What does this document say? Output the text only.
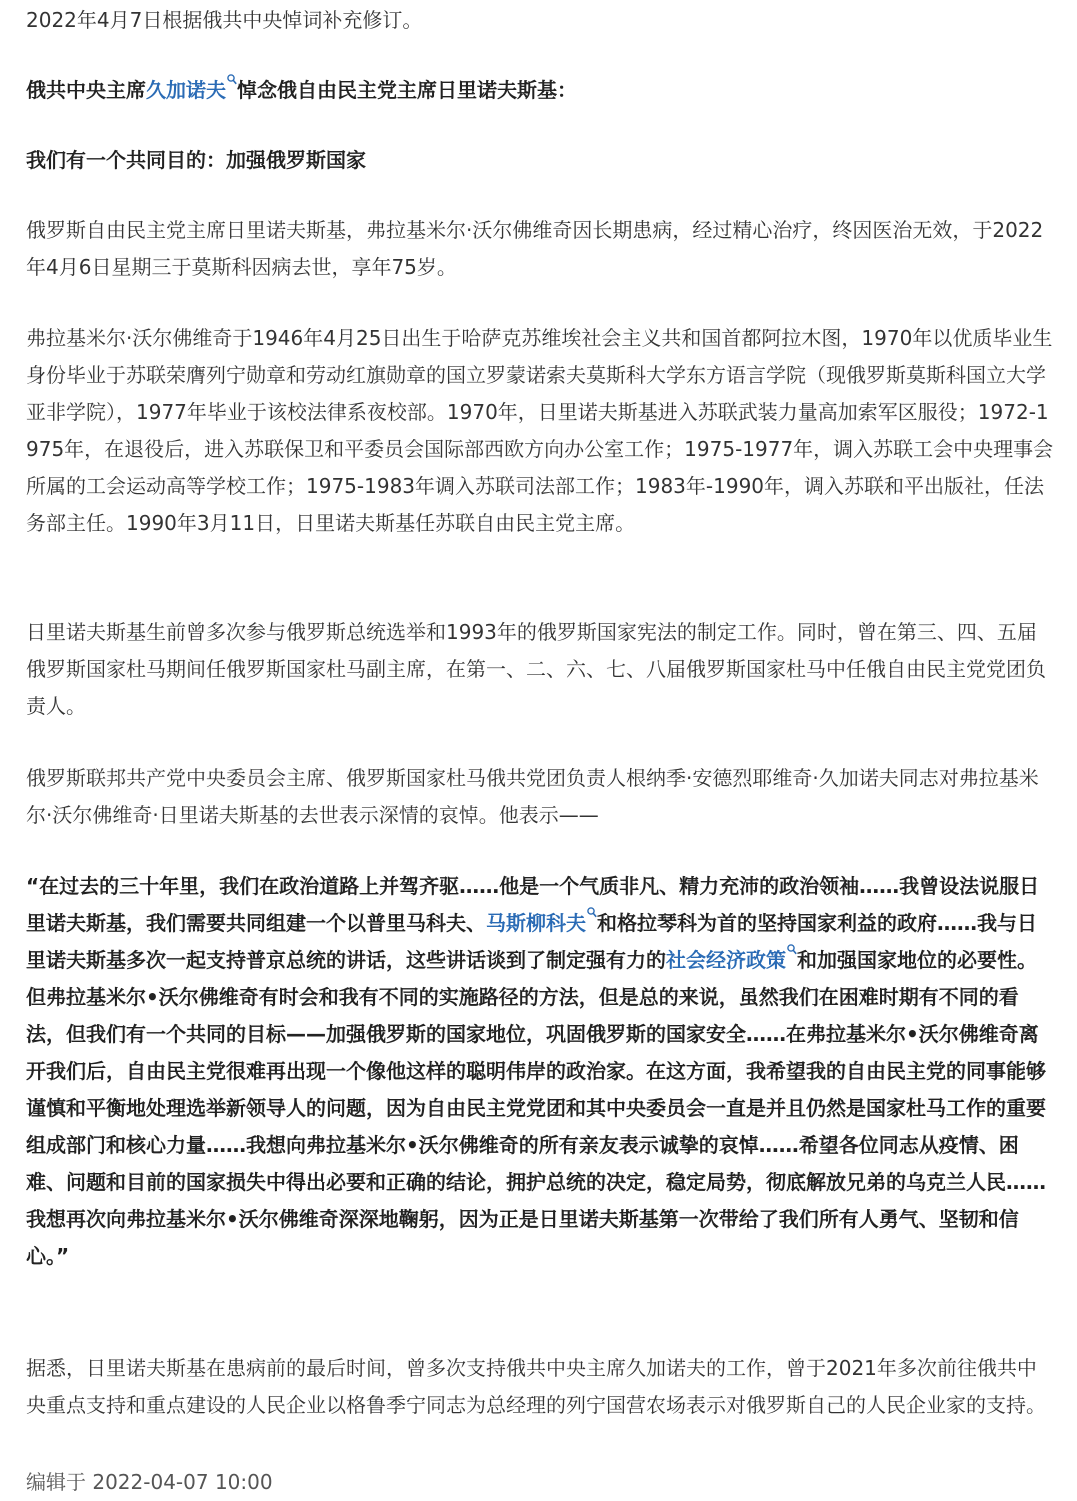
2022年4月7日根据俄共中央悼词补充修订。

俄共中央主席久加诺夫 悼念俄自由民主党主席日里诺夫斯基：

我们有一个共同目的：加强俄罗斯国家

俄罗斯自由民主党主席日里诺夫斯基，弗拉基米尔·沃尔佛维奇因长期患病，经过精心治疗，终因医治无效，于2022年4月6日星期三于莫斯科因病去世，享年75岁。

弗拉基米尔·沃尔佛维奇于1946年4月25日出生于哈萨克苏维埃社会主义共和国首都阿拉木图，1970年以优质毕业生身份毕业于苏联荣膺列宁勋章和劳动红旗勋章的国立罗蒙诺索夫莫斯科大学东方语言学院（现俄罗斯莫斯科国立大学亚非学院），1977年毕业于该校法律系夜校部。1970年，日里诺夫斯基进入苏联武装力量高加索军区服役；1972-1975年，在退役后，进入苏联保卫和平委员会国际部西欧方向办公室工作；1975-1977年，调入苏联工会中央理事会所属的工会运动高等学校工作；1975-1983年调入苏联司法部工作；1983年-1990年，调入苏联和平出版社，任法务部主任。1990年3月11日，日里诺夫斯基任苏联自由民主党主席。

日里诺夫斯基生前曾多次参与俄罗斯总统选举和1993年的俄罗斯国家宪法的制定工作。同时，曾在第三、四、五届俄罗斯国家杜马期间任俄罗斯国家杜马副主席，在第一、二、六、七、八届俄罗斯国家杜马中任俄自由民主党党团负责人。

俄罗斯联邦共产党中央委员会主席、俄罗斯国家杜马俄共党团负责人根纳季·安德烈耶维奇·久加诺夫同志对弗拉基米尔·沃尔佛维奇·日里诺夫斯基的去世表示深情的哀悼。他表示——

“在过去的三十年里，我们在政治道路上并驾齐驱……他是一个气质非凡、精力充沛的政治领袖……我曾设法说服日里诺夫斯基，我们需要共同组建一个以普里马科夫、马斯柳科夫 和格拉琴科为首的坚持国家利益的政府……我与日里诺夫斯基多次一起支持普京总统的讲话，这些讲话谈到了制定强有力的社会经济政策 和加强国家地位的必要性。但弗拉基米尔•沃尔佛维奇有时会和我有不同的实施路径的方法，但是总的来说，虽然我们在困难时期有不同的看法，但我们有一个共同的目标——加强俄罗斯的国家地位，巩固俄罗斯的国家安全……在弗拉基米尔•沃尔佛维奇离开我们后，自由民主党很难再出现一个像他这样的聪明伟岸的政治家。在这方面，我希望我的自由民主党的同事能够谨慎和平衡地处理选举新领导人的问题，因为自由民主党党团和其中央委员会一直是并且仍然是国家杜马工作的重要组成部门和核心力量……我想向弗拉基米尔•沃尔佛维奇的所有亲友表示诚挚的哀悼……希望各位同志从疫情、困难、问题和目前的国家损失中得出必要和正确的结论，拥护总统的决定，稳定局势，彻底解放兄弟的乌克兰人民……我想再次向弗拉基米尔•沃尔佛维奇深深地鞠躬，因为正是日里诺夫斯基第一次带给了我们所有人勇气、坚韧和信心。”

据悉，日里诺夫斯基在患病前的最后时间，曾多次支持俄共中央主席久加诺夫的工作，曾于2021年多次前往俄共中央重点支持和重点建设的人民企业以格鲁季宁同志为总经理的列宁国营农场表示对俄罗斯自己的人民企业家的支持。

编辑于 2022-04-07 10:00
